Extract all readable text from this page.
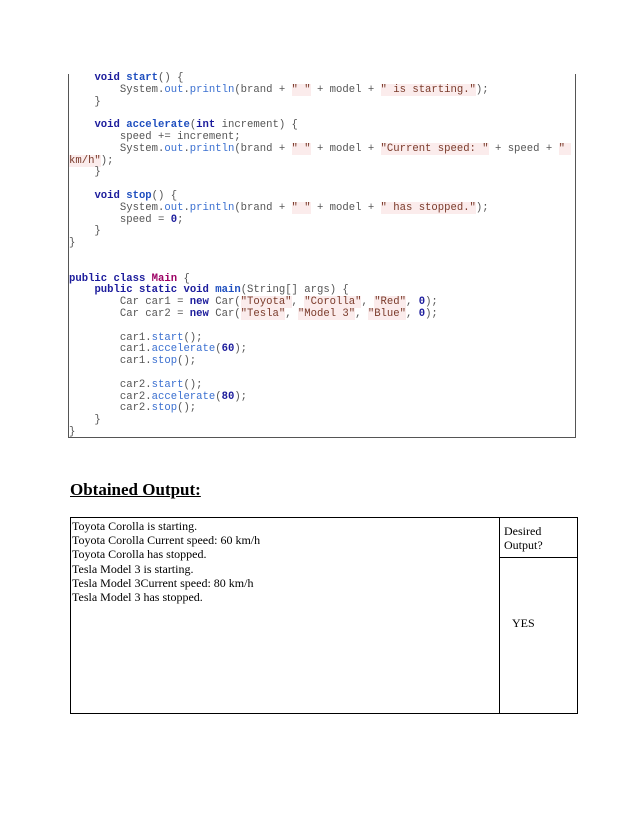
void start() {
System.out.println(brand + " " + model + " is starting.");
}
void accelerate(int increment) {
speed += increment;
System.out.println(brand + " " + model + "Current speed: " + speed + "
km/h");
}
void stop() {
System.out.println(brand + " " + model + " has stopped.");
speed = 0;
}
}
public class Main {
public static void main(String[] args) {
Car car1 = new Car("Toyota", "Corolla", "Red", 0);
Car car2 = new Car("Tesla", "Model 3", "Blue", 0);
car1.start();
car1.accelerate(60);
car1.stop();
car2.start();
car2.accelerate(80);
car2.stop();
}
}
Obtained Output:
Toyota Corolla is starting.
Toyota Corolla Current speed: 60 km/h
Toyota Corolla has stopped.
Tesla Model 3 is starting.
Tesla Model 3Current speed: 80 km/h
Tesla Model 3 has stopped.
Desired Output?
YES
